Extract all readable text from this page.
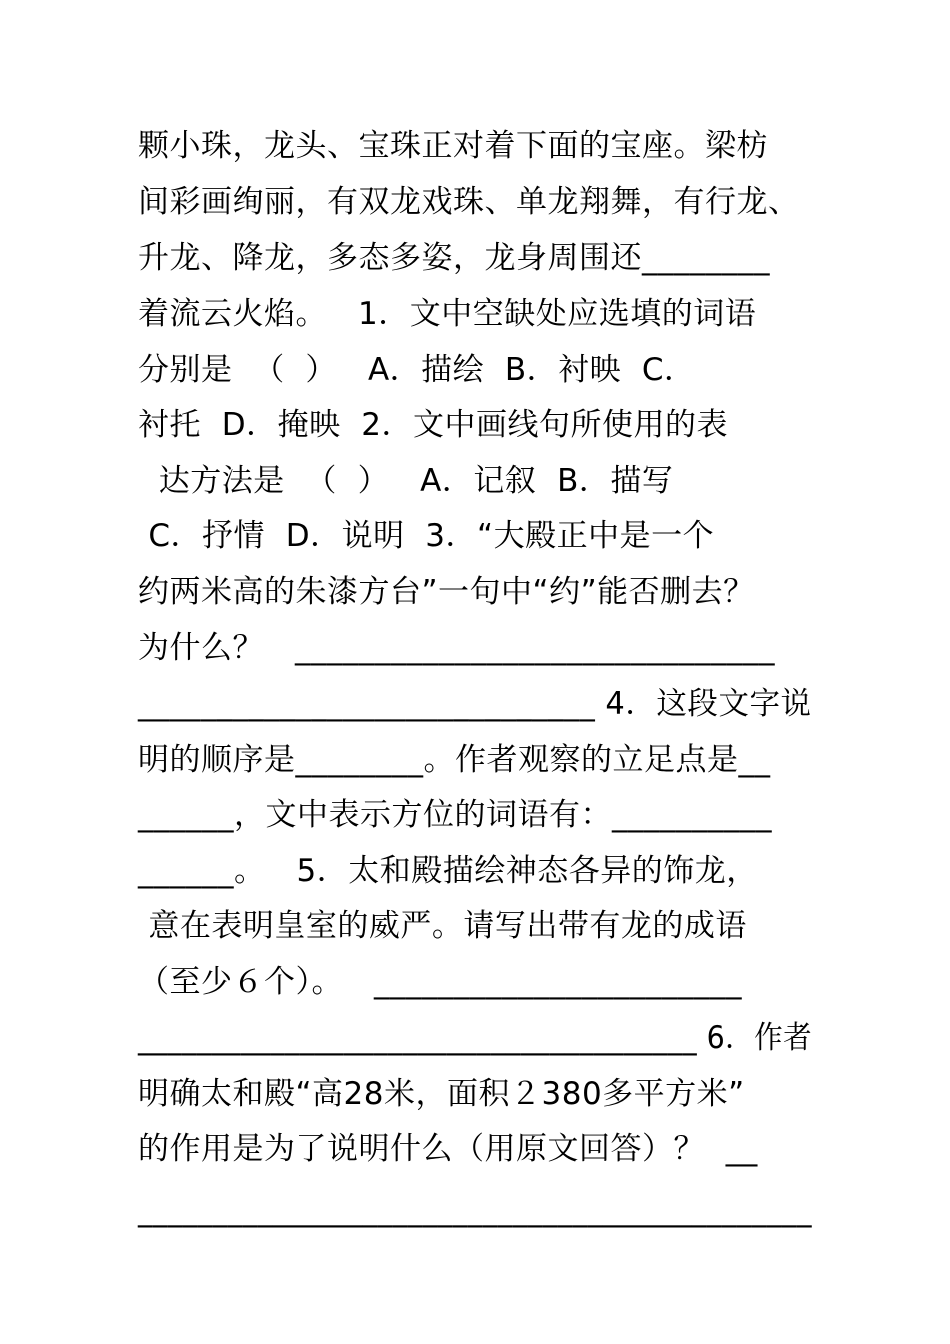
颗小珠，龙头、宝珠正对着下面的宝座。梁枋
间彩画绚丽，有双龙戏珠、单龙翔舞，有行龙、
升龙、降龙，多态多姿，龙身周围还________
着流云火焰。   1．文中空缺处应选填的词语
分别是  （  ）   A．描绘  B．衬映  C．
衬托  D．掩映  2．文中画线句所使用的表
达方法是  （  ）   A．记叙  B．描写
C．抒情  D．说明  3．“大殿正中是一个
约两米高的朱漆方台”一句中“约”能否删去？
为什么？   ______________________________
_____________________________ 4．这段文字说
明的顺序是________。作者观察的立足点是__
______，文中表示方位的词语有：__________
______。   5．太和殿描绘神态各异的饰龙，
意在表明皇室的威严。请写出带有龙的成语
（至少６个）。   _______________________
______________________________________ 6．作者
明确太和殿“高28米，面积２380多平方米”
的作用是为了说明什么（用原文回答）？  __
_____________________________________________
